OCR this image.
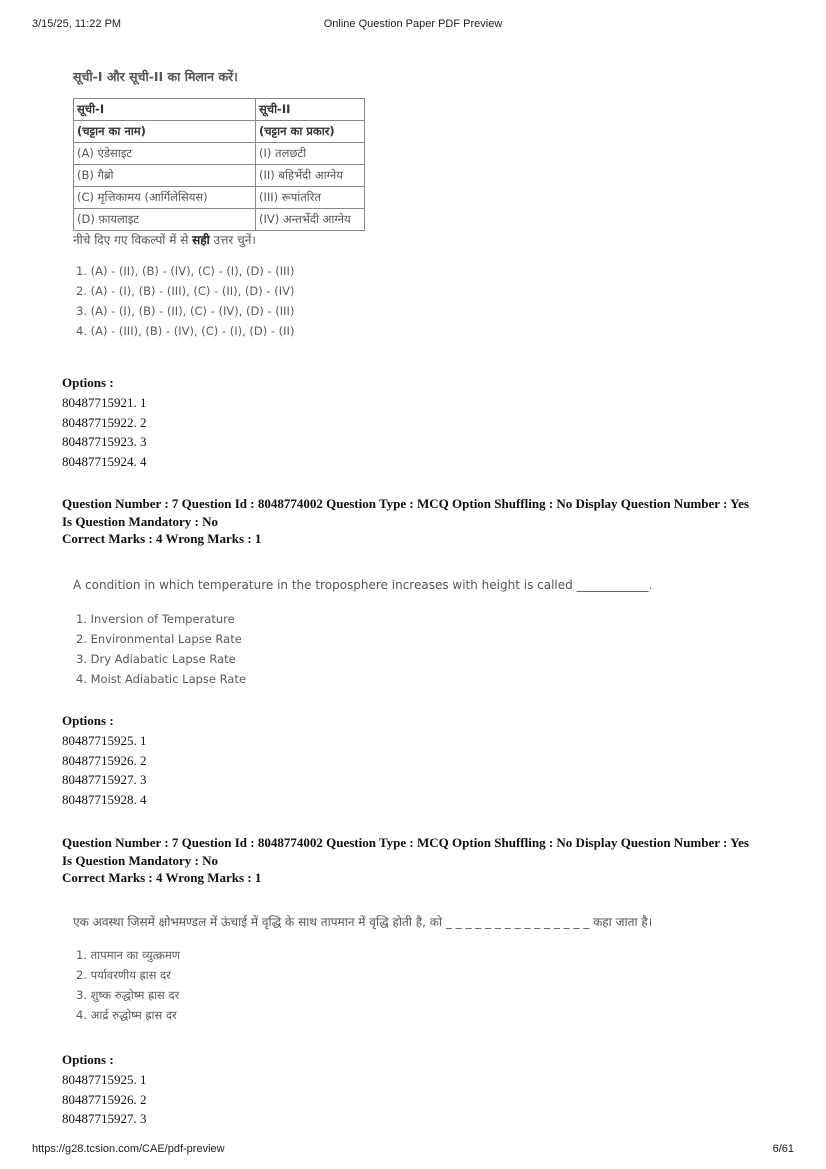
3/15/25, 11:22 PM	Online Question Paper PDF Preview
सूची-I और सूची-II का मिलान करें।
सूची-I	सूची-II
(चट्टान का नाम)	(चट्टान का प्रकार)
(A) एंडेसाइट	(I) तलछटी
(B) गैब्रो	(II) बहिर्भेदी आग्नेय
(C) मृत्तिकामय (आर्गिलेसियस)	(III) रूपांतरित
(D) फ़ायलाइट	(IV) अन्तर्भेदी आग्नेय
नीचे दिए गए विकल्पों में से सही उत्तर चुनें।
1. (A) - (II), (B) - (IV), (C) - (I), (D) - (III)
2. (A) - (I), (B) - (III), (C) - (II), (D) - (IV)
3. (A) - (I), (B) - (II), (C) - (IV), (D) - (III)
4. (A) - (III), (B) - (IV), (C) - (I), (D) - (II)
Options :
80487715921. 1
80487715922. 2
80487715923. 3
80487715924. 4
Question Number : 7 Question Id : 8048774002 Question Type : MCQ Option Shuffling : No Display Question Number : Yes
Is Question Mandatory : No
Correct Marks : 4 Wrong Marks : 1
A condition in which temperature in the troposphere increases with height is called ____________.
1. Inversion of Temperature
2. Environmental Lapse Rate
3. Dry Adiabatic Lapse Rate
4. Moist Adiabatic Lapse Rate
Options :
80487715925. 1
80487715926. 2
80487715927. 3
80487715928. 4
Question Number : 7 Question Id : 8048774002 Question Type : MCQ Option Shuffling : No Display Question Number : Yes
Is Question Mandatory : No
Correct Marks : 4 Wrong Marks : 1
एक अवस्था जिसमें क्षोभमण्डल में ऊंचाई में वृद्धि के साथ तापमान में वृद्धि होती है, को _ _ _ _ _ _ _ _ _ _ _ _ _ _ _ कहा जाता है।
1. तापमान का व्युत्क्रमण
2. पर्यावरणीय ह्रास दर
3. शुष्क रुद्धोष्म ह्रास दर
4. आर्द्र रुद्धोष्म ह्रास दर
Options :
80487715925. 1
80487715926. 2
80487715927. 3
https://g28.tcsion.com/CAE/pdf-preview	6/61
